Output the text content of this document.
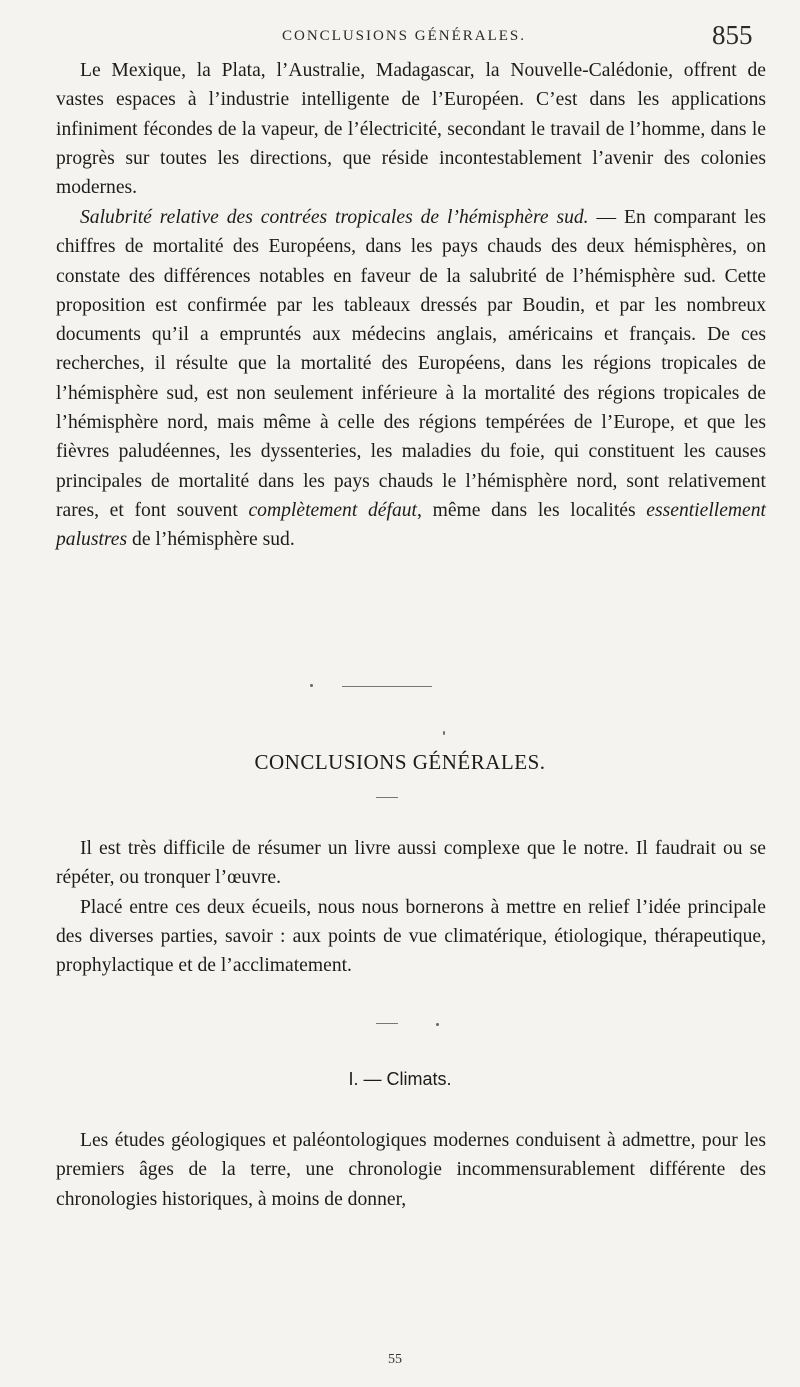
CONCLUSIONS GÉNÉRALES.	855

Le Mexique, la Plata, l’Australie, Madagascar, la Nouvelle-Calédonie, offrent de vastes espaces à l’industrie intelligente de l’Européen. C’est dans les applications infiniment fécondes de la vapeur, de l’électricité, secondant le travail de l’homme, dans le progrès sur toutes les directions, que réside incontestablement l’avenir des colonies modernes.

Salubrité relative des contrées tropicales de l’hémisphère sud. — En comparant les chiffres de mortalité des Européens, dans les pays chauds des deux hémisphères, on constate des différences notables en faveur de la salubrité de l’hémisphère sud. Cette proposition est confirmée par les tableaux dressés par Boudin, et par les nombreux documents qu’il a empruntés aux médecins anglais, américains et français. De ces recherches, il résulte que la mortalité des Européens, dans les régions tropicales de l’hémisphère sud, est non seulement inférieure à la mortalité des régions tropicales de l’hémisphère nord, mais même à celle des régions tempérées de l’Europe, et que les fièvres paludéennes, les dyssenteries, les maladies du foie, qui constituent les causes principales de mortalité dans les pays chauds le l’hémisphère nord, sont relativement rares, et font souvent complètement défaut, même dans les localités essentiellement palustres de l’hémisphère sud.

CONCLUSIONS GÉNÉRALES.

Il est très difficile de résumer un livre aussi complexe que le notre. Il faudrait ou se répéter, ou tronquer l’œuvre.

Placé entre ces deux écueils, nous nous bornerons à mettre en relief l’idée principale des diverses parties, savoir : aux points de vue climatérique, étiologique, thérapeutique, prophylactique et de l’acclimatement.

I. — Climats.

Les études géologiques et paléontologiques modernes conduisent à admettre, pour les premiers âges de la terre, une chronologie incommensurablement différente des chronologies historiques, à moins de donner,

55
